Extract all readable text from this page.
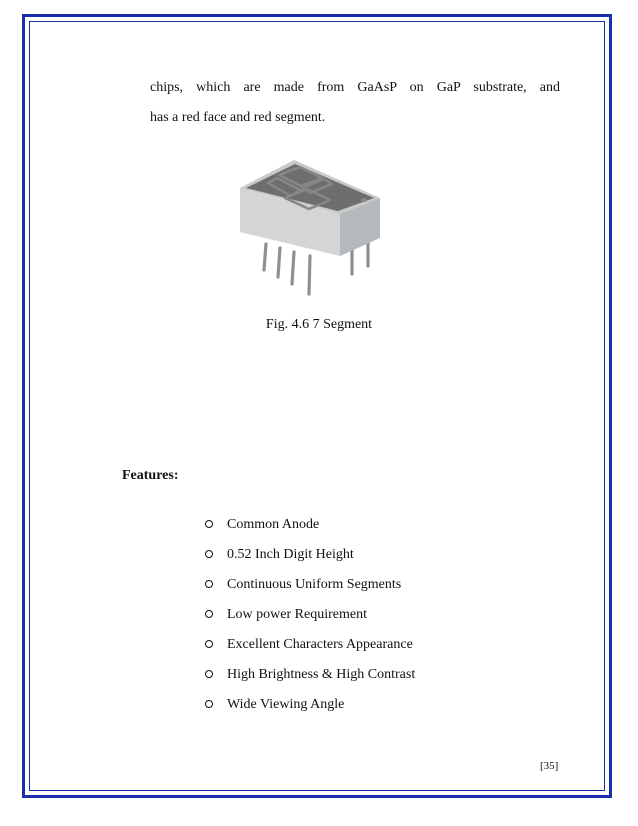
chips, which are made from GaAsP on GaP substrate, and
has a red face and red segment.
Fig. 4.6 7 Segment
Features:
Common Anode
0.52 Inch Digit Height
Continuous Uniform Segments
Low power Requirement
Excellent Characters Appearance
High Brightness & High Contrast
Wide Viewing Angle
[35]
